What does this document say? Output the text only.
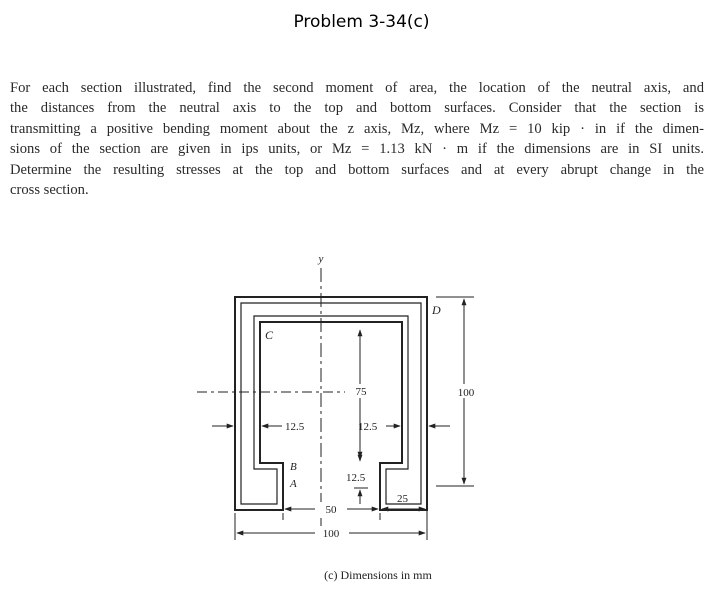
Problem 3-34(c)
For each section illustrated, find the second moment of area, the location of the neutral axis, and
the distances from the neutral axis to the top and bottom surfaces. Consider that the section is
transmitting a positive bending moment about the z axis, Mz, where Mz = 10 kip · in if the dimen-
sions of the section are given in ips units, or Mz = 1.13 kN · m if the dimensions are in SI units.
Determine the resulting stresses at the top and bottom surfaces and at every abrupt change in the
cross section.
y
C
D
B
A
75	100
12.5	12.5
12.5
50
25
100
(c) Dimensions in mm
